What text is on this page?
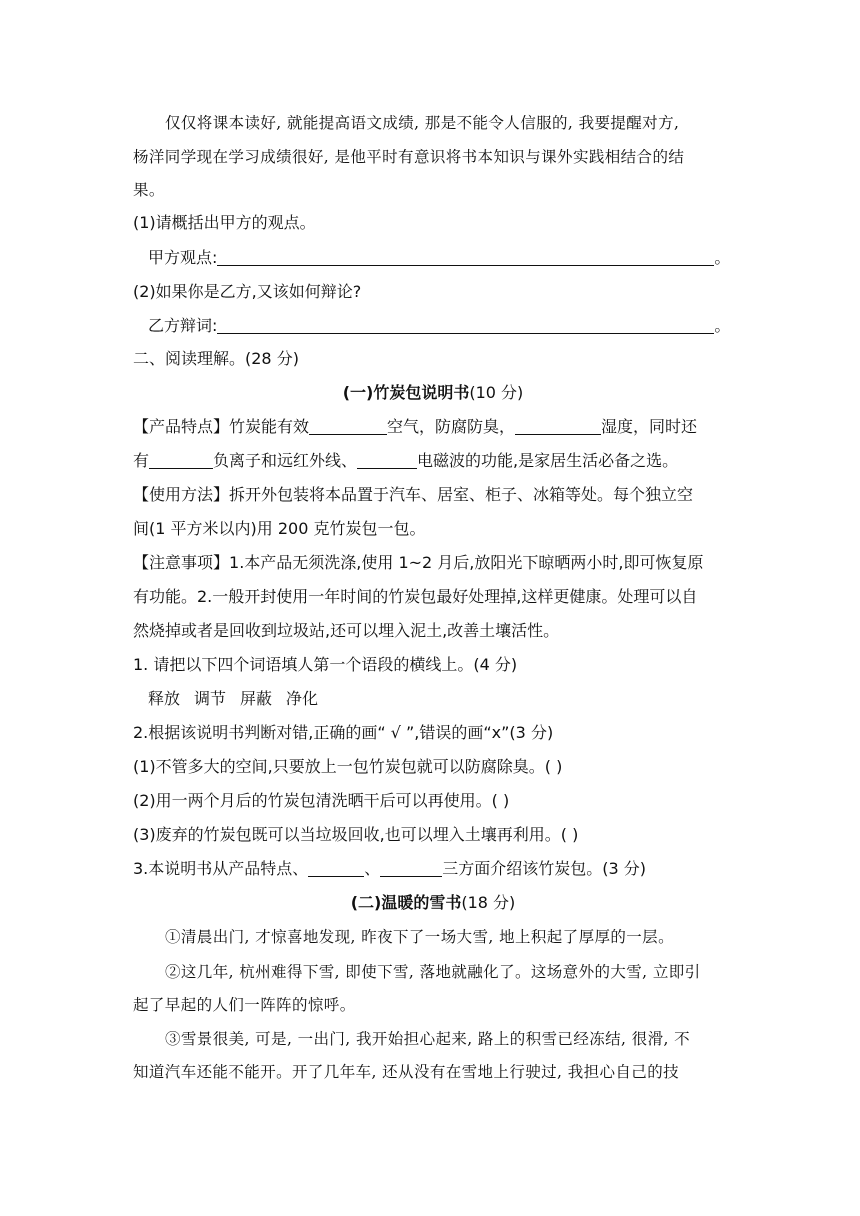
仅仅将课本读好, 就能提高语文成绩, 那是不能令人信服的, 我要提醒对方,
杨洋同学现在学习成绩很好, 是他平时有意识将书本知识与课外实践相结合的结
果。
(1)请概括出甲方的观点。
甲方观点:	。
(2)如果你是乙方,又该如何辩论?
乙方辩词:	。
二、阅读理解。(28 分)
(一)竹炭包说明书(10 分)
【产品特点】竹炭能有效	空气，防腐防臭，	湿度，同时还
有	负离子和远红外线、	电磁波的功能,是家居生活必备之选。
【使用方法】拆开外包装将本品置于汽车、居室、柜子、冰箱等处。每个独立空
间(1 平方米以内)用 200 克竹炭包一包。
【注意事项】1.本产品无须洗涤,使用 1~2 月后,放阳光下晾晒两小时,即可恢复原
有功能。2.一般开封使用一年时间的竹炭包最好处理掉,这样更健康。处理可以自
然烧掉或者是回收到垃圾站,还可以埋入泥土,改善土壤活性。
1. 请把以下四个词语填人第一个语段的横线上。(4 分)
释放 调节 屏蔽 净化
2.根据该说明书判断对错,正确的画“ √ ”,错误的画“x”(3 分)
(1)不管多大的空间,只要放上一包竹炭包就可以防腐除臭。( )
(2)用一两个月后的竹炭包清洗晒干后可以再使用。( )
(3)废弃的竹炭包既可以当垃圾回收,也可以埋入土壤再利用。( )
3.本说明书从产品特点、	、	三方面介绍该竹炭包。(3 分)
(二)温暖的雪书(18 分)
①清晨出门, 才惊喜地发现, 昨夜下了一场大雪, 地上积起了厚厚的一层。
②这几年, 杭州难得下雪, 即使下雪, 落地就融化了。这场意外的大雪, 立即引
起了早起的人们一阵阵的惊呼。
③雪景很美, 可是, 一出门, 我开始担心起来, 路上的积雪已经冻结, 很滑, 不
知道汽车还能不能开。开了几年车, 还从没有在雪地上行驶过, 我担心自己的技
